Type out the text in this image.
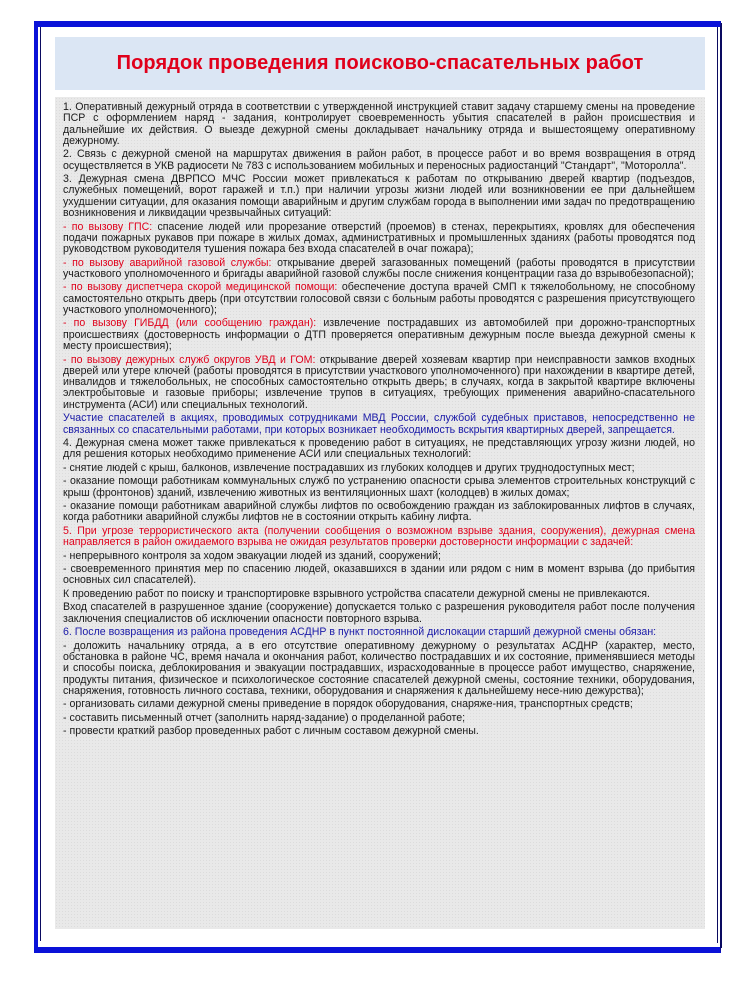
Порядок проведения поисково-спасательных работ

1. Оперативный дежурный отряда в соответствии с утвержденной инструкцией ставит задачу старшему смены на проведение ПСР с оформлением наряд - задания, контролирует своевременность убытия спасателей в район происшествия и дальнейшие их действия. О выезде дежурной смены докладывает начальнику отряда и вышестоящему оперативному дежурному.

2. Связь с дежурной сменой на маршрутах движения в район работ, в процессе работ и во время возвращения в отряд осуществляется в УКВ радиосети № 783 с использованием мобильных и переносных радиостанций "Стандарт", "Моторолла".

3. Дежурная смена ДВРПСО МЧС России может привлекаться к работам по открыванию дверей квартир (подъездов, служебных помещений, ворот гаражей и т.п.) при наличии угрозы жизни людей или возникновении ее при дальнейшем ухудшении ситуации, для оказания помощи аварийным и другим службам города в выполнении ими задач по предотвращению возникновения и ликвидации чрезвычайных ситуаций:

- по вызову ГПС: спасение людей или прорезание отверстий (проемов) в стенах, перекрытиях, кровлях для обеспечения подачи пожарных рукавов при пожаре в жилых домах, административных и промышленных зданиях (работы проводятся под руководством руководителя тушения пожара без входа спасателей в очаг пожара);

- по вызову аварийной газовой службы: открывание дверей загазованных помещений (работы проводятся в присутствии участкового уполномоченного и бригады аварийной газовой службы после снижения концентрации газа до взрывобезопасной);

- по вызову диспетчера скорой медицинской помощи: обеспечение доступа врачей СМП к тяжелобольному, не способному самостоятельно открыть дверь (при отсутствии голосовой связи с больным работы проводятся с разрешения присутствующего участкового уполномоченного);

- по вызову ГИБДД (или сообщению граждан): извлечение пострадавших из автомобилей при дорожно-транспортных происшествиях (достоверность информации о ДТП проверяется оперативным дежурным после выезда дежурной смены к месту происшествия);

- по вызову дежурных служб округов УВД и ГОМ: открывание дверей хозяевам квартир при неисправности замков входных дверей или утере ключей (работы проводятся в присутствии участкового уполномоченного) при нахождении в квартире детей, инвалидов и тяжелобольных, не способных самостоятельно открыть дверь; в случаях, когда в закрытой квартире включены электробытовые и газовые приборы; извлечение трупов в ситуациях, требующих применения аварийно-спасательного инструмента (АСИ) или специальных технологий.

Участие спасателей в акциях, проводимых сотрудниками МВД России, службой судебных приставов, непосредственно не связанных со спасательными работами, при которых возникает необходимость вскрытия квартирных дверей, запрещается.

4. Дежурная смена может также привлекаться к проведению работ в ситуациях, не представляющих угрозу жизни людей, но для решения которых необходимо применение АСИ или специальных технологий:

- снятие людей с крыш, балконов, извлечение пострадавших из глубоких колодцев и других труднодоступных мест;

- оказание помощи работникам коммунальных служб по устранению опасности срыва элементов строительных конструкций с крыш (фронтонов) зданий, извлечению животных из вентиляционных шахт (колодцев) в жилых домах;

- оказание помощи работникам аварийной службы лифтов по освобождению граждан из заблокированных лифтов в случаях, когда работники аварийной службы лифтов не в состоянии открыть кабину лифта.

5. При угрозе террористического акта (получении сообщения о возможном взрыве здания, сооружения), дежурная смена направляется в район ожидаемого взрыва не ожидая результатов проверки достоверности информации с задачей:

- непрерывного контроля за ходом эвакуации людей из зданий, сооружений;

- своевременного принятия мер по спасению людей, оказавшихся в здании или рядом с ним в момент взрыва (до прибытия основных сил спасателей).

К проведению работ по поиску и транспортировке взрывного устройства спасатели дежурной смены не привлекаются.

Вход спасателей в разрушенное здание (сооружение) допускается только с разрешения руководителя работ после получения заключения специалистов об исключении опасности повторного взрыва.

6. После возвращения из района проведения АСДНР в пункт постоянной дислокации старший дежурной смены обязан:

- доложить начальнику отряда, а в его отсутствие оперативному дежурному о результатах АСДНР (характер, место, обстановка в районе ЧС, время начала и окончания работ, количество пострадавших и их состояние, применявшиеся методы и способы поиска, деблокирования и эвакуации пострадавших, израсходованные в процессе работ имущество, снаряжение, продукты питания, физическое и психологическое состояние спасателей дежурной смены, состояние техники, оборудования, снаряжения, готовность личного состава, техники, оборудования и снаряжения к дальнейшему несе-нию дежурства);

- организовать силами дежурной смены приведение в порядок оборудования, снаряже-ния, транспортных средств;

- составить письменный отчет (заполнить наряд-задание) о проделанной работе;

- провести краткий разбор проведенных работ с личным составом дежурной смены.
